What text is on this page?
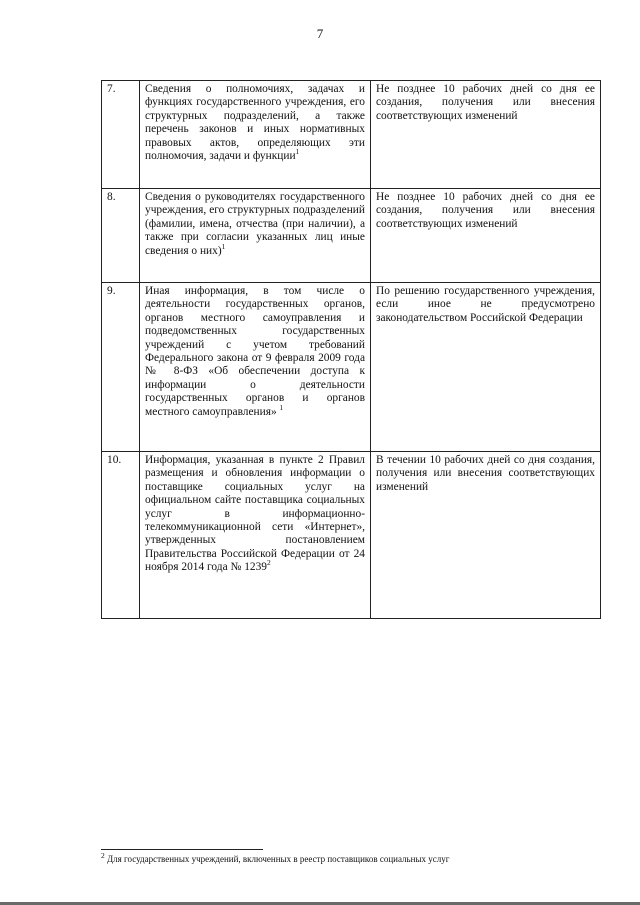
7
7.	Сведения о полномочиях, задачах и функциях государственного учреждения, его структурных подразделений, а также перечень законов и иных нормативных правовых актов, определяющих эти полномочия, задачи и функции$^1$	Не позднее 10 рабочих дней со дня ее создания, получения или внесения соответствующих изменений
8.	Сведения о руководителях государственного учреждения, его структурных подразделений (фамилии, имена, отчества (при наличии), а также при согласии указанных лиц иные сведения о них)$^1$	Не позднее 10 рабочих дней со дня ее создания, получения или внесения соответствующих изменений
9.	Иная информация, в том числе о деятельности государственных органов, органов местного самоуправления и подведомственных государственных учреждений с учетом требований Федерального закона от 9 февраля 2009 года № 8-ФЗ «Об обеспечении доступа к информации о деятельности государственных органов и органов местного самоуправления» $^1$	По решению государственного учреждения, если иное не предусмотрено законодательством Российской Федерации
10.	Информация, указанная в пункте 2 Правил размещения и обновления информации о поставщике социальных услуг на официальном сайте поставщика социальных услуг в информационно-телекоммуникационной сети «Интернет», утвержденных постановлением Правительства Российской Федерации от 24 ноября 2014 года № 1239$^2$	В течении 10 рабочих дней со дня создания, получения или внесения соответствующих изменений
$^2$ Для государственных учреждений, включенных в реестр поставщиков социальных услуг
